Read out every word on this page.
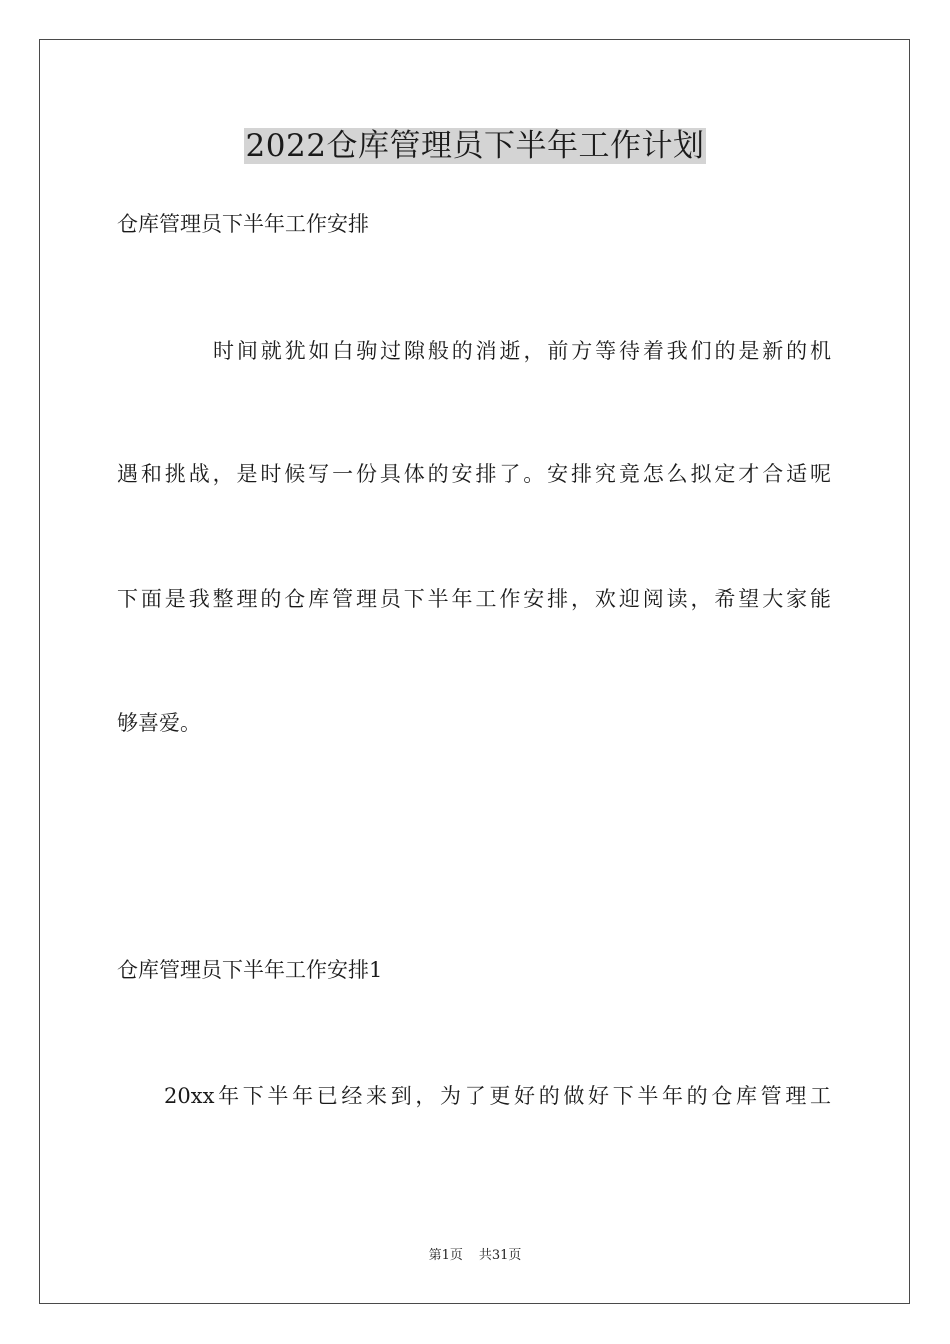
2022仓库管理员下半年工作计划

仓库管理员下半年工作安排

时间就犹如白驹过隙般的消逝，前方等待着我们的是新的机

遇和挑战，是时候写一份具体的安排了。安排究竟怎么拟定才合适呢

下面是我整理的仓库管理员下半年工作安排，欢迎阅读，希望大家能

够喜爱。

仓库管理员下半年工作安排1

20xx年下半年已经来到，为了更好的做好下半年的仓库管理工

第1页 共31页
